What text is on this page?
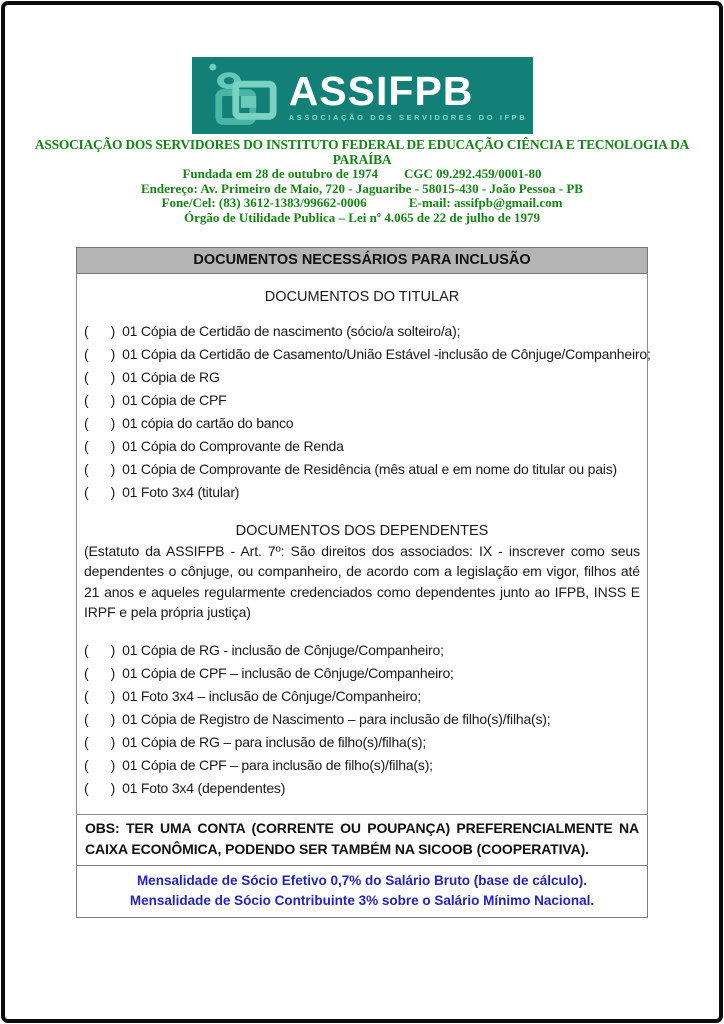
ASSIFPB
ASSOCIAÇÃO DOS SERVIDORES DO IFPB
ASSOCIAÇÃO DOS SERVIDORES DO INSTITUTO FEDERAL DE EDUCAÇÃO CIÊNCIA E TECNOLOGIA DA PARAÍBA
Fundada em 28 de outubro de 1974        CGC 09.292.459/0001-80
Endereço: Av. Primeiro de Maio, 720 - Jaguaribe - 58015-430 - João Pessoa - PB
Fone/Cel: (83) 3612-1383/99662-0006             E-mail: assifpb@gmail.com
Órgão de Utilidade Publica – Lei nº 4.065 de 22 de julho de 1979
DOCUMENTOS NECESSÁRIOS PARA INCLUSÃO
DOCUMENTOS DO TITULAR
(      ) 01 Cópia de Certidão de nascimento (sócio/a solteiro/a);
(      ) 01 Cópia da Certidão de Casamento/União Estável -inclusão de Cônjuge/Companheiro;
(      ) 01 Cópia de RG
(      ) 01 Cópia de CPF
(      ) 01 cópia do cartão do banco
(      ) 01 Cópia do Comprovante de Renda
(      ) 01 Cópia de Comprovante de Residência (mês atual e em nome do titular ou pais)
(      ) 01 Foto 3x4 (titular)
DOCUMENTOS DOS DEPENDENTES
(Estatuto da ASSIFPB - Art. 7º: São direitos dos associados: IX - inscrever como seus dependentes o cônjuge, ou companheiro, de acordo com a legislação em vigor, filhos até 21 anos e aqueles regularmente credenciados como dependentes junto ao IFPB, INSS E IRPF e pela própria justiça)
(      ) 01 Cópia de RG - inclusão de Cônjuge/Companheiro;
(      ) 01 Cópia de CPF – inclusão de Cônjuge/Companheiro;
(      ) 01 Foto 3x4 – inclusão de Cônjuge/Companheiro;
(      ) 01 Cópia de Registro de Nascimento – para inclusão de filho(s)/filha(s);
(      ) 01 Cópia de RG – para inclusão de filho(s)/filha(s);
(      ) 01 Cópia de CPF – para inclusão de filho(s)/filha(s);
(      ) 01 Foto 3x4 (dependentes)
OBS: TER UMA CONTA (CORRENTE OU POUPANÇA) PREFERENCIALMENTE NA CAIXA ECONÔMICA, PODENDO SER TAMBÉM NA SICOOB (COOPERATIVA).
Mensalidade de Sócio Efetivo 0,7% do Salário Bruto (base de cálculo).
Mensalidade de Sócio Contribuinte 3% sobre o Salário Mínimo Nacional.
